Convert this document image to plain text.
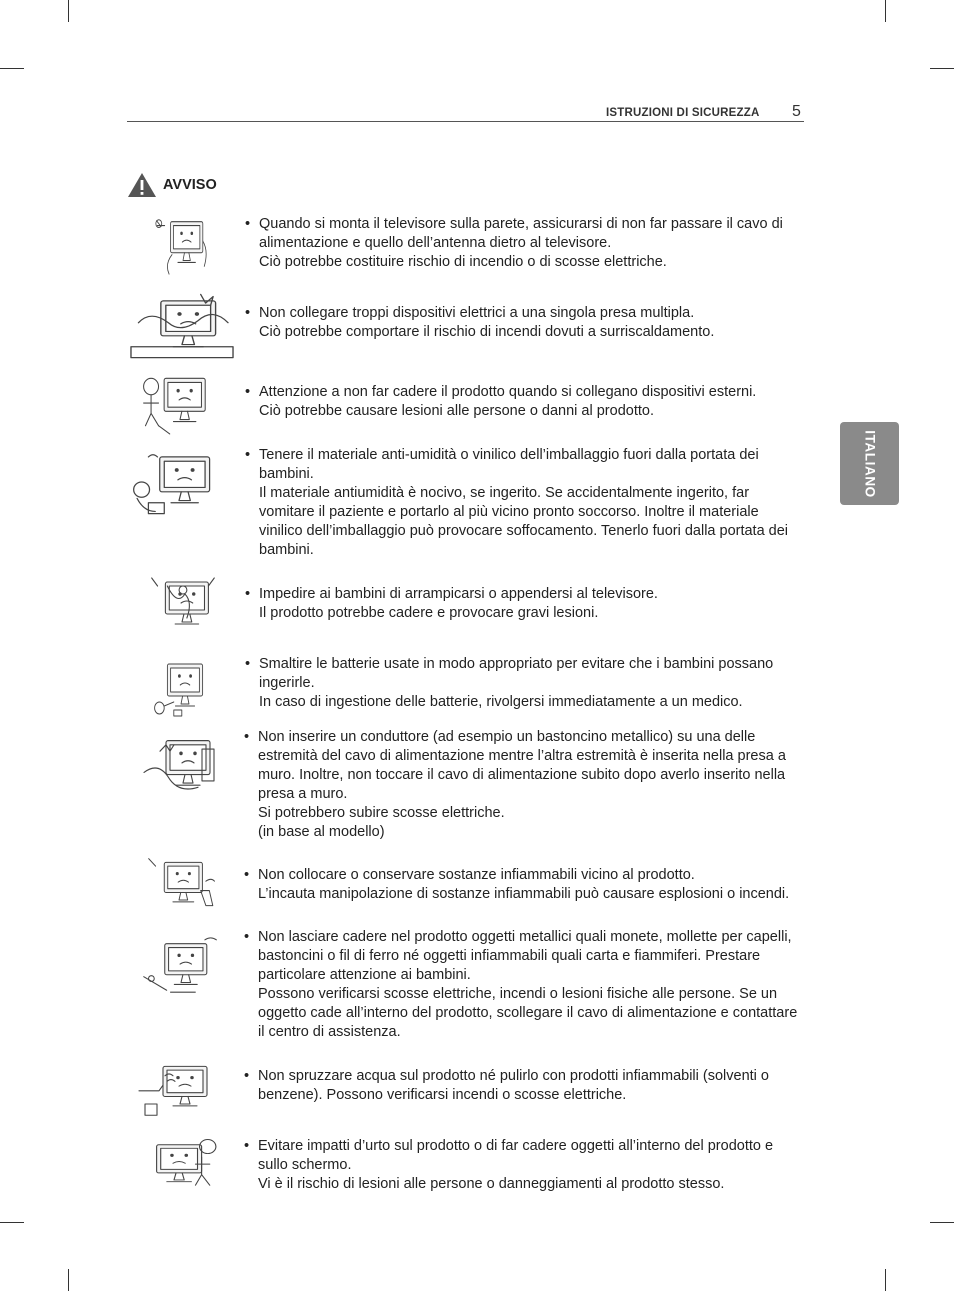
ISTRUZIONI DI SICUREZZA 5
ITALIANO
AVVISO
• Quando si monta il televisore sulla parete, assicurarsi di non far passare il cavo di
alimentazione e quello dell’antenna dietro al televisore.
Ciò potrebbe costituire rischio di incendio o di scosse elettriche.
• Non collegare troppi dispositivi elettrici a una singola presa multipla.
Ciò potrebbe comportare il rischio di incendi dovuti a surriscaldamento.
• Attenzione a non far cadere il prodotto quando si collegano dispositivi esterni.
Ciò potrebbe causare lesioni alle persone o danni al prodotto.
• Tenere il materiale anti-umidità o vinilico dell’imballaggio fuori dalla portata dei
bambini.
Il materiale antiumidità è nocivo, se ingerito. Se accidentalmente ingerito, far
vomitare il paziente e portarlo al più vicino pronto soccorso. Inoltre il materiale
vinilico dell’imballaggio può provocare soffocamento. Tenerlo fuori dalla portata dei
bambini.
• Impedire ai bambini di arrampicarsi o appendersi al televisore.
Il prodotto potrebbe cadere e provocare gravi lesioni.
• Smaltire le batterie usate in modo appropriato per evitare che i bambini possano
ingerirle.
In caso di ingestione delle batterie, rivolgersi immediatamente a un medico.
• Non inserire un conduttore (ad esempio un bastoncino metallico) su una delle
estremità del cavo di alimentazione mentre l’altra estremità è inserita nella presa a
muro. Inoltre, non toccare il cavo di alimentazione subito dopo averlo inserito nella
presa a muro.
Si potrebbero subire scosse elettriche.
(in base al modello)
• Non collocare o conservare sostanze infiammabili vicino al prodotto.
L’incauta manipolazione di sostanze infiammabili può causare esplosioni o incendi.
• Non lasciare cadere nel prodotto oggetti metallici quali monete, mollette per capelli,
bastoncini o fil di ferro né oggetti infiammabili quali carta e fiammiferi. Prestare
particolare attenzione ai bambini.
Possono verificarsi scosse elettriche, incendi o lesioni fisiche alle persone. Se un
oggetto cade all’interno del prodotto, scollegare il cavo di alimentazione e contattare
il centro di assistenza.
• Non spruzzare acqua sul prodotto né pulirlo con prodotti infiammabili (solventi o
benzene). Possono verificarsi incendi o scosse elettriche.
• Evitare impatti d’urto sul prodotto o di far cadere oggetti all’interno del prodotto e
sullo schermo.
Vi è il rischio di lesioni alle persone o danneggiamenti al prodotto stesso.
